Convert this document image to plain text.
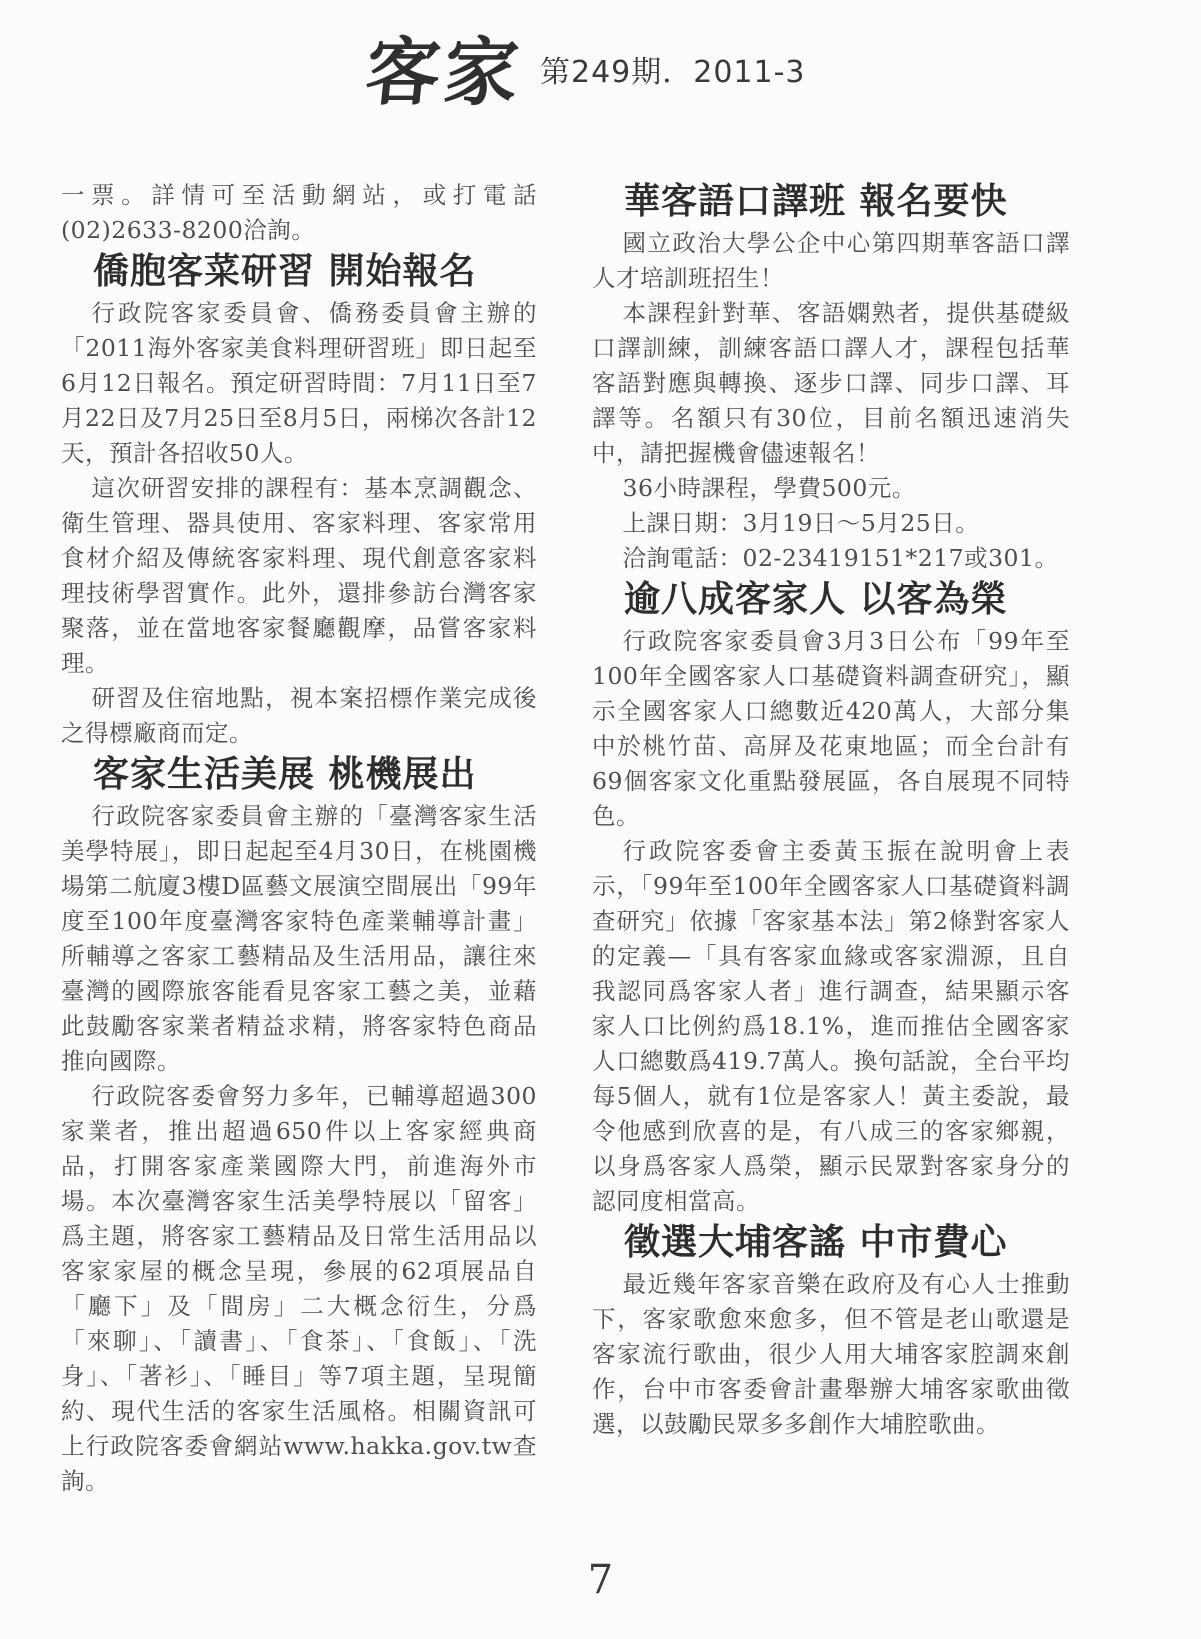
客家 第249期．2011-3

一票。詳情可至活動網站，或打電話(02)2633-8200洽詢。

僑胞客菜研習 開始報名

行政院客家委員會、僑務委員會主辦的「2011海外客家美食料理研習班」即日起至6月12日報名。預定研習時間：7月11日至7月22日及7月25日至8月5日，兩梯次各計12天，預計各招收50人。

這次研習安排的課程有：基本烹調觀念、衛生管理、器具使用、客家料理、客家常用食材介紹及傳統客家料理、現代創意客家料理技術學習實作。此外，還排參訪台灣客家聚落，並在當地客家餐廳觀摩，品嘗客家料理。

研習及住宿地點，視本案招標作業完成後之得標廠商而定。

客家生活美展 桃機展出

行政院客家委員會主辦的「臺灣客家生活美學特展」，即日起起至4月30日，在桃園機場第二航廈3樓D區藝文展演空間展出「99年度至100年度臺灣客家特色產業輔導計畫」所輔導之客家工藝精品及生活用品，讓往來臺灣的國際旅客能看見客家工藝之美，並藉此鼓勵客家業者精益求精，將客家特色商品推向國際。

行政院客委會努力多年，已輔導超過300家業者，推出超過650件以上客家經典商品，打開客家產業國際大門，前進海外市場。本次臺灣客家生活美學特展以「留客」爲主題，將客家工藝精品及日常生活用品以客家家屋的概念呈現，參展的62項展品自「廳下」及「間房」二大概念衍生，分爲「來聊」、「讀書」、「食茶」、「食飯」、「洗身」、「著衫」、「睡目」等7項主題，呈現簡約、現代生活的客家生活風格。相關資訊可上行政院客委會網站www.hakka.gov.tw查詢。

華客語口譯班 報名要快

國立政治大學公企中心第四期華客語口譯人才培訓班招生！

本課程針對華、客語嫻熟者，提供基礎級口譯訓練，訓練客語口譯人才，課程包括華客語對應與轉換、逐步口譯、同步口譯、耳譯等。名額只有30位，目前名額迅速消失中，請把握機會儘速報名！

36小時課程，學費500元。

上課日期：3月19日～5月25日。

洽詢電話：02-23419151*217或301。

逾八成客家人 以客為榮

行政院客家委員會3月3日公布「99年至100年全國客家人口基礎資料調查研究」，顯示全國客家人口總數近420萬人，大部分集中於桃竹苗、高屏及花東地區；而全台計有69個客家文化重點發展區，各自展現不同特色。

行政院客委會主委黃玉振在說明會上表示，「99年至100年全國客家人口基礎資料調查研究」依據「客家基本法」第2條對客家人的定義—「具有客家血緣或客家淵源，且自我認同爲客家人者」進行調查，結果顯示客家人口比例約爲18.1%，進而推估全國客家人口總數爲419.7萬人。換句話說，全台平均每5個人，就有1位是客家人！黃主委說，最令他感到欣喜的是，有八成三的客家鄉親，以身爲客家人爲榮，顯示民眾對客家身分的認同度相當高。

徵選大埔客謠 中市費心

最近幾年客家音樂在政府及有心人士推動下，客家歌愈來愈多，但不管是老山歌還是客家流行歌曲，很少人用大埔客家腔調來創作，台中市客委會計畫舉辦大埔客家歌曲徵選，以鼓勵民眾多多創作大埔腔歌曲。

7
